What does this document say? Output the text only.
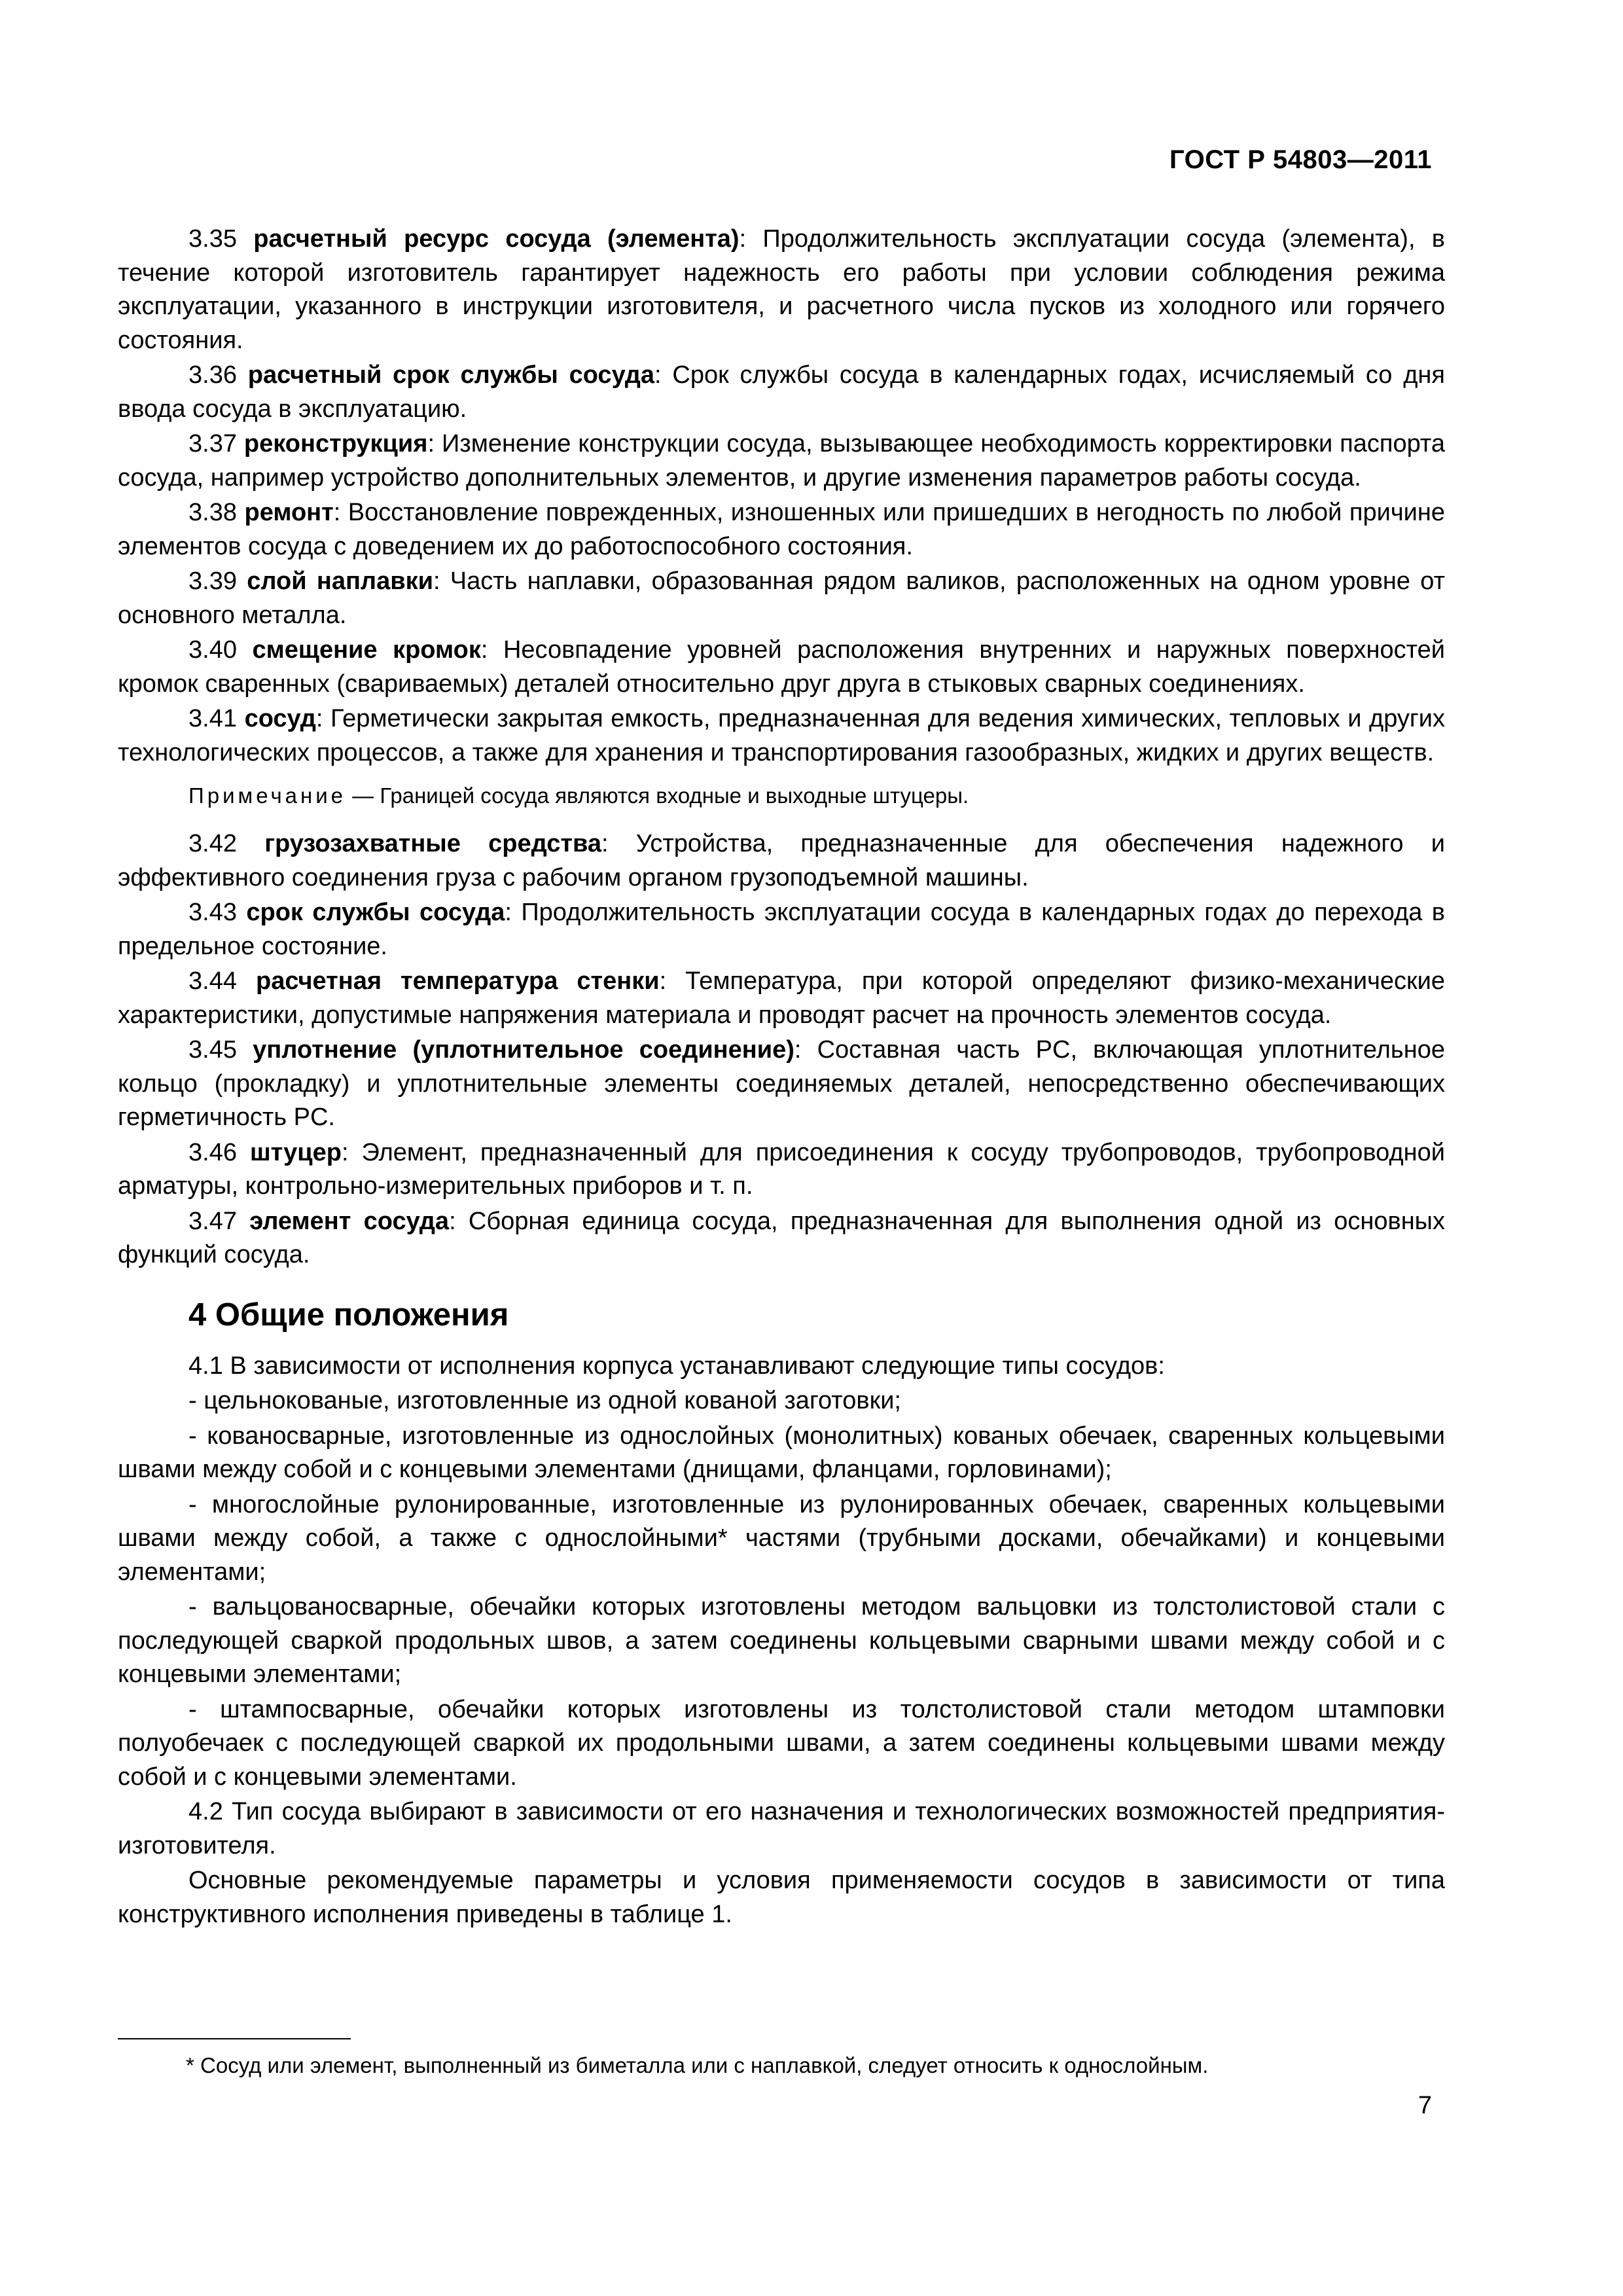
ГОСТ Р 54803—2011

3.35 расчетный ресурс сосуда (элемента): Продолжительность эксплуатации сосуда (элемента), в течение которой изготовитель гарантирует надежность его работы при условии соблюдения режима эксплуатации, указанного в инструкции изготовителя, и расчетного числа пусков из холодного или горячего состояния.

3.36 расчетный срок службы сосуда: Срок службы сосуда в календарных годах, исчисляемый со дня ввода сосуда в эксплуатацию.

3.37 реконструкция: Изменение конструкции сосуда, вызывающее необходимость корректировки паспорта сосуда, например устройство дополнительных элементов, и другие изменения параметров работы сосуда.

3.38 ремонт: Восстановление поврежденных, изношенных или пришедших в негодность по любой причине элементов сосуда с доведением их до работоспособного состояния.

3.39 слой наплавки: Часть наплавки, образованная рядом валиков, расположенных на одном уровне от основного металла.

3.40 смещение кромок: Несовпадение уровней расположения внутренних и наружных поверхностей кромок сваренных (свариваемых) деталей относительно друг друга в стыковых сварных соединениях.

3.41 сосуд: Герметически закрытая емкость, предназначенная для ведения химических, тепловых и других технологических процессов, а также для хранения и транспортирования газообразных, жидких и других веществ.

Примечание — Границей сосуда являются входные и выходные штуцеры.

3.42 грузозахватные средства: Устройства, предназначенные для обеспечения надежного и эффективного соединения груза с рабочим органом грузоподъемной машины.

3.43 срок службы сосуда: Продолжительность эксплуатации сосуда в календарных годах до перехода в предельное состояние.

3.44 расчетная температура стенки: Температура, при которой определяют физико-механические характеристики, допустимые напряжения материала и проводят расчет на прочность элементов сосуда.

3.45 уплотнение (уплотнительное соединение): Составная часть PC, включающая уплотнительное кольцо (прокладку) и уплотнительные элементы соединяемых деталей, непосредственно обеспечивающих герметичность PC.

3.46 штуцер: Элемент, предназначенный для присоединения к сосуду трубопроводов, трубопроводной арматуры, контрольно-измерительных приборов и т. п.

3.47 элемент сосуда: Сборная единица сосуда, предназначенная для выполнения одной из основных функций сосуда.

4 Общие положения

4.1 В зависимости от исполнения корпуса устанавливают следующие типы сосудов:

- цельнокованые, изготовленные из одной кованой заготовки;

- кованосварные, изготовленные из однослойных (монолитных) кованых обечаек, сваренных кольцевыми швами между собой и с концевыми элементами (днищами, фланцами, горловинами);

- многослойные рулонированные, изготовленные из рулонированных обечаек, сваренных кольцевыми швами между собой, а также с однослойными* частями (трубными досками, обечайками) и концевыми элементами;

- вальцованосварные, обечайки которых изготовлены методом вальцовки из толстолистовой стали с последующей сваркой продольных швов, а затем соединены кольцевыми сварными швами между собой и с концевыми элементами;

- штампосварные, обечайки которых изготовлены из толстолистовой стали методом штамповки полуобечаек с последующей сваркой их продольными швами, а затем соединены кольцевыми швами между собой и с концевыми элементами.

4.2 Тип сосуда выбирают в зависимости от его назначения и технологических возможностей предприятия-изготовителя.

Основные рекомендуемые параметры и условия применяемости сосудов в зависимости от типа конструктивного исполнения приведены в таблице 1.

* Сосуд или элемент, выполненный из биметалла или с наплавкой, следует относить к однослойным.
7
